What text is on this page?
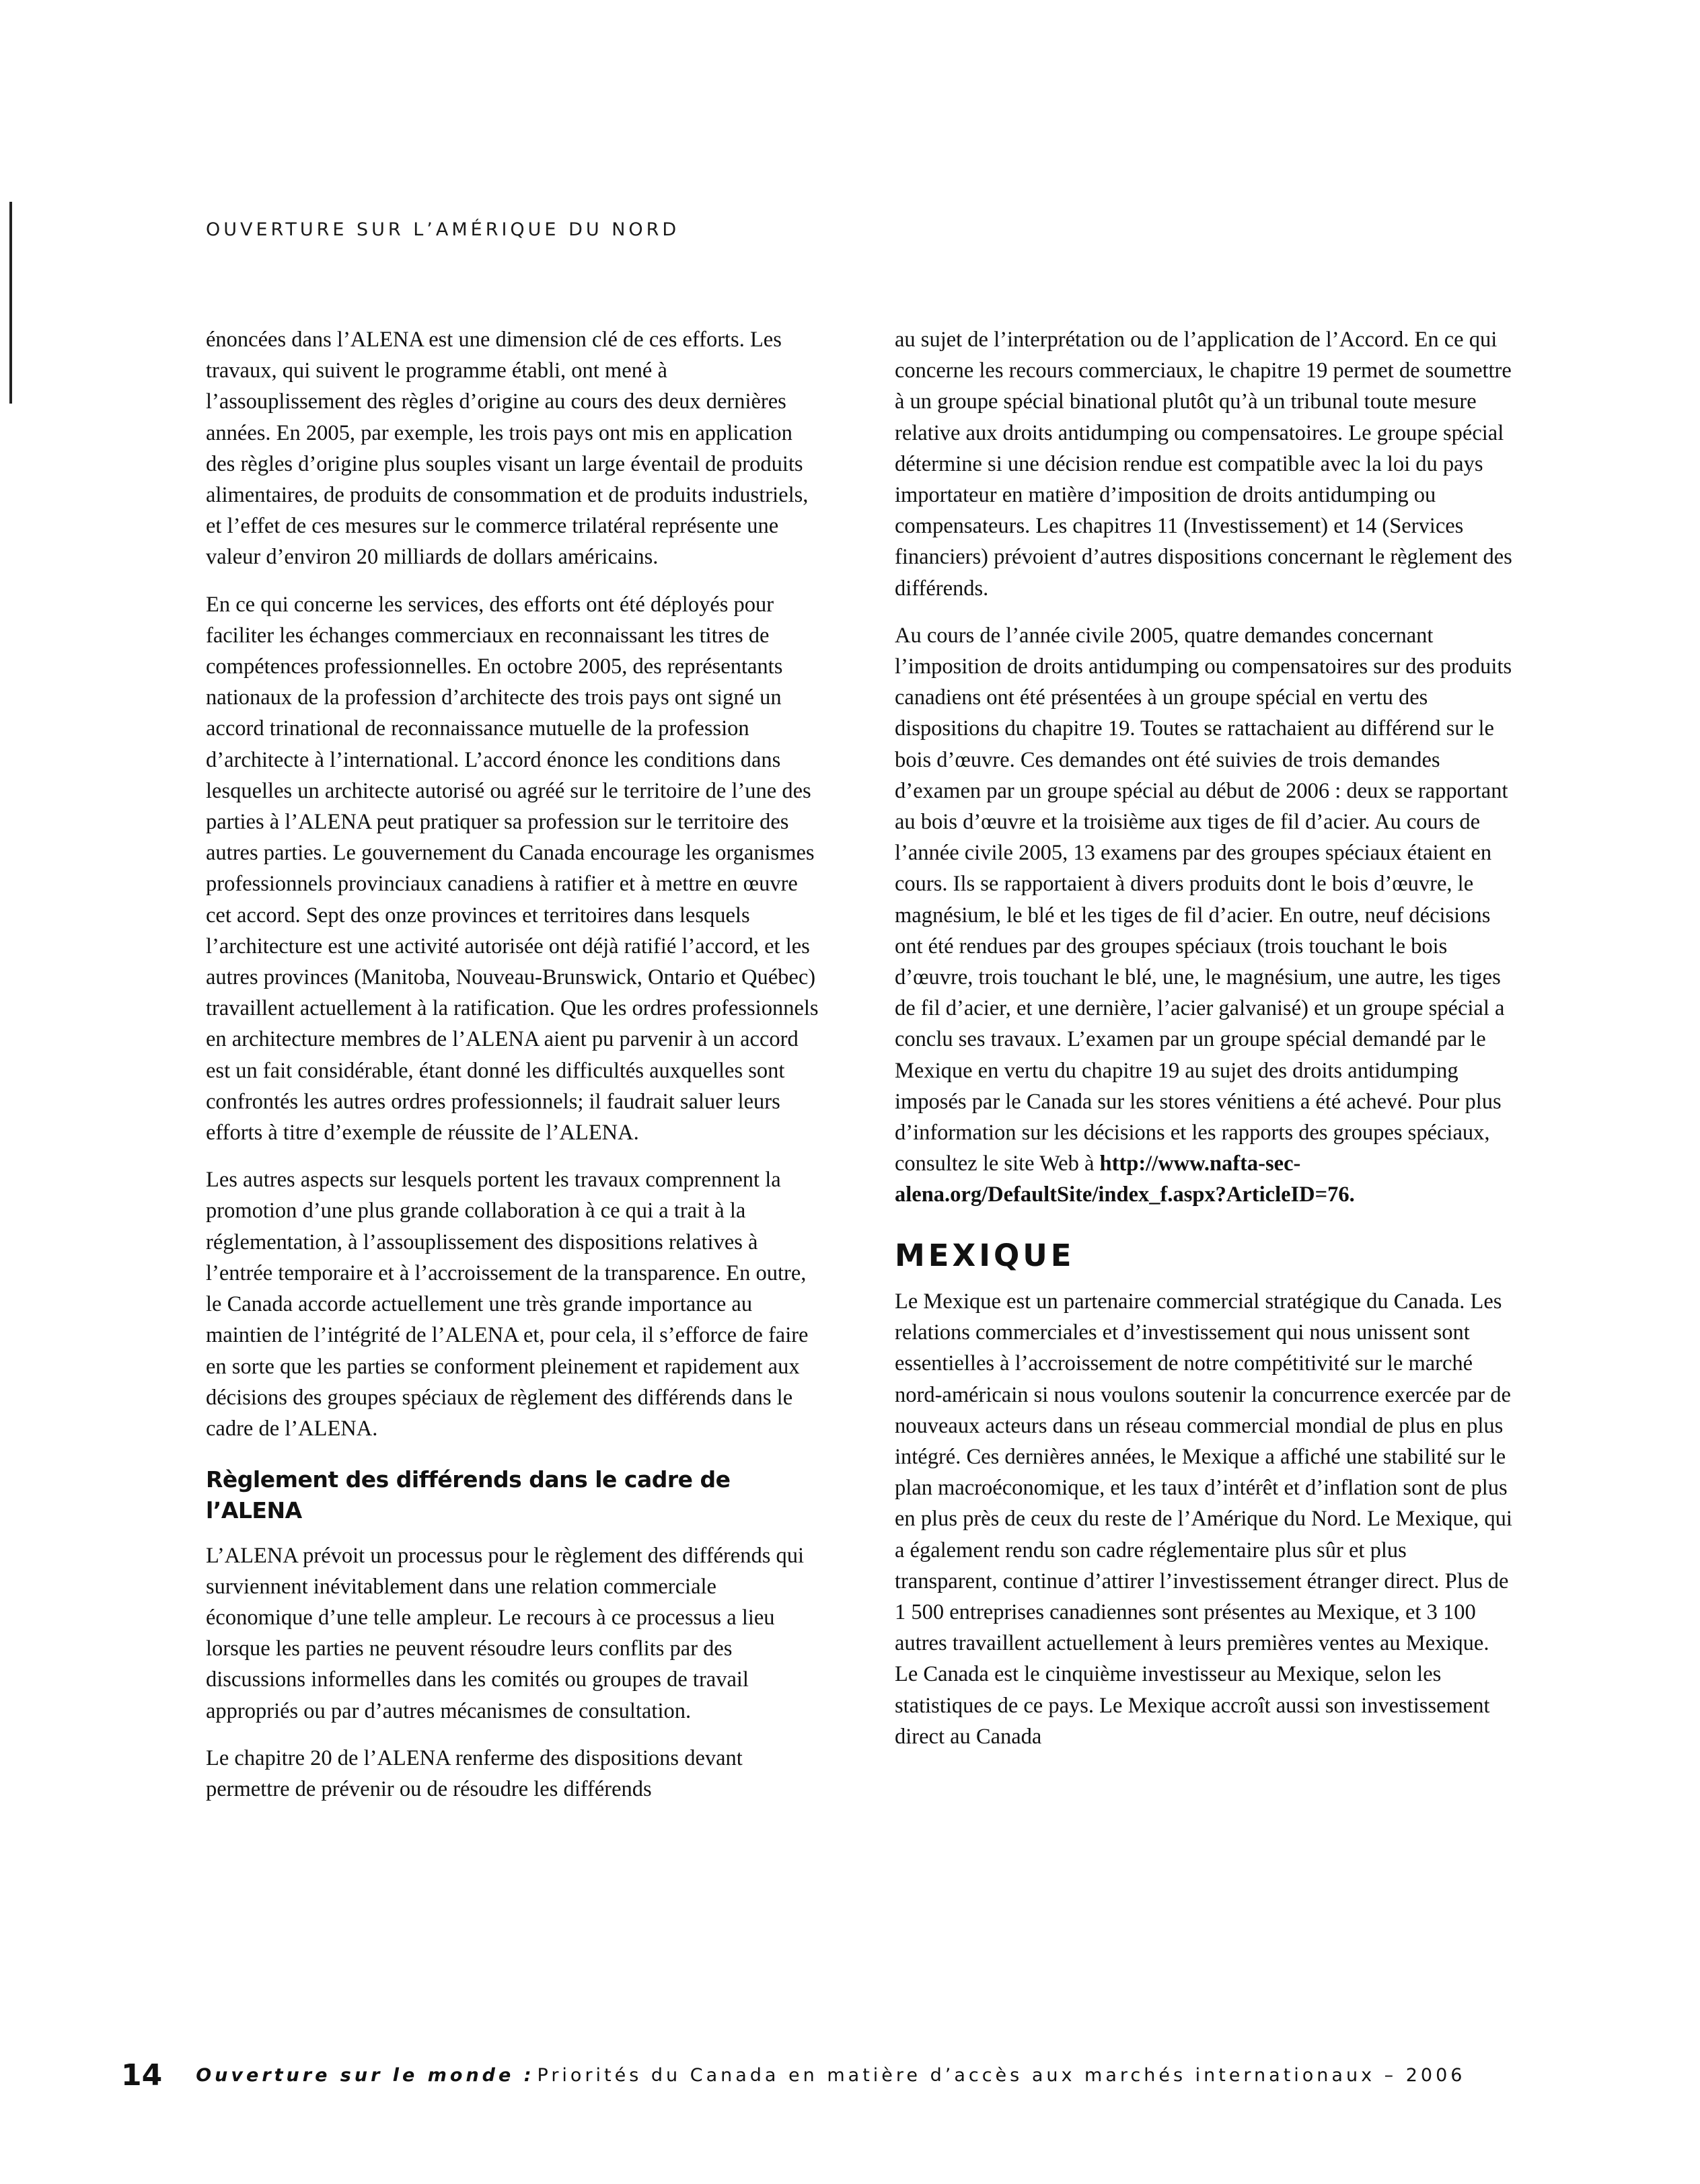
OUVERTURE SUR L’AMÉRIQUE DU NORD

énoncées dans l’ALENA est une dimension clé de ces efforts. Les travaux, qui suivent le programme établi, ont mené à l’assouplissement des règles d’origine au cours des deux dernières années. En 2005, par exemple, les trois pays ont mis en application des règles d’origine plus souples visant un large éventail de produits alimentaires, de produits de consommation et de produits industriels, et l’effet de ces mesures sur le commerce trilatéral représente une valeur d’environ 20 milliards de dollars américains.

En ce qui concerne les services, des efforts ont été déployés pour faciliter les échanges commerciaux en reconnaissant les titres de compétences professionnelles. En octobre 2005, des représentants nationaux de la profession d’architecte des trois pays ont signé un accord trinational de reconnaissance mutuelle de la profession d’architecte à l’international. L’accord énonce les conditions dans lesquelles un architecte autorisé ou agréé sur le territoire de l’une des parties à l’ALENA peut pratiquer sa profession sur le territoire des autres parties. Le gouvernement du Canada encourage les organismes professionnels provinciaux canadiens à ratifier et à mettre en œuvre cet accord. Sept des onze provinces et territoires dans lesquels l’architecture est une activité autorisée ont déjà ratifié l’accord, et les autres provinces (Manitoba, Nouveau-Brunswick, Ontario et Québec) travaillent actuellement à la ratification. Que les ordres professionnels en architecture membres de l’ALENA aient pu parvenir à un accord est un fait considérable, étant donné les difficultés auxquelles sont confrontés les autres ordres professionnels; il faudrait saluer leurs efforts à titre d’exemple de réussite de l’ALENA.

Les autres aspects sur lesquels portent les travaux comprennent la promotion d’une plus grande collaboration à ce qui a trait à la réglementation, à l’assouplissement des dispositions relatives à l’entrée temporaire et à l’accroissement de la transparence. En outre, le Canada accorde actuellement une très grande importance au maintien de l’intégrité de l’ALENA et, pour cela, il s’efforce de faire en sorte que les parties se conforment pleinement et rapidement aux décisions des groupes spéciaux de règlement des différends dans le cadre de l’ALENA.

Règlement des différends dans le cadre de l’ALENA

L’ALENA prévoit un processus pour le règlement des différends qui surviennent inévitablement dans une relation commerciale économique d’une telle ampleur. Le recours à ce processus a lieu lorsque les parties ne peuvent résoudre leurs conflits par des discussions informelles dans les comités ou groupes de travail appropriés ou par d’autres mécanismes de consultation.

Le chapitre 20 de l’ALENA renferme des dispositions devant permettre de prévenir ou de résoudre les différends

au sujet de l’interprétation ou de l’application de l’Accord. En ce qui concerne les recours commerciaux, le chapitre 19 permet de soumettre à un groupe spécial binational plutôt qu’à un tribunal toute mesure relative aux droits antidumping ou compensatoires. Le groupe spécial détermine si une décision rendue est compatible avec la loi du pays importateur en matière d’imposition de droits antidumping ou compensateurs. Les chapitres 11 (Investissement) et 14 (Services financiers) prévoient d’autres dispositions concernant le règlement des différends.

Au cours de l’année civile 2005, quatre demandes concernant l’imposition de droits antidumping ou compensatoires sur des produits canadiens ont été présentées à un groupe spécial en vertu des dispositions du chapitre 19. Toutes se rattachaient au différend sur le bois d’œuvre. Ces demandes ont été suivies de trois demandes d’examen par un groupe spécial au début de 2006 : deux se rapportant au bois d’œuvre et la troisième aux tiges de fil d’acier. Au cours de l’année civile 2005, 13 examens par des groupes spéciaux étaient en cours. Ils se rapportaient à divers produits dont le bois d’œuvre, le magnésium, le blé et les tiges de fil d’acier. En outre, neuf décisions ont été rendues par des groupes spéciaux (trois touchant le bois d’œuvre, trois touchant le blé, une, le magnésium, une autre, les tiges de fil d’acier, et une dernière, l’acier galvanisé) et un groupe spécial a conclu ses travaux. L’examen par un groupe spécial demandé par le Mexique en vertu du chapitre 19 au sujet des droits antidumping imposés par le Canada sur les stores vénitiens a été achevé. Pour plus d’information sur les décisions et les rapports des groupes spéciaux, consultez le site Web à http://www.nafta-sec-alena.org/DefaultSite/index_f.aspx?ArticleID=76.

MEXIQUE

Le Mexique est un partenaire commercial stratégique du Canada. Les relations commerciales et d’investissement qui nous unissent sont essentielles à l’accroissement de notre compétitivité sur le marché nord-américain si nous voulons soutenir la concurrence exercée par de nouveaux acteurs dans un réseau commercial mondial de plus en plus intégré. Ces dernières années, le Mexique a affiché une stabilité sur le plan macroéconomique, et les taux d’intérêt et d’inflation sont de plus en plus près de ceux du reste de l’Amérique du Nord. Le Mexique, qui a également rendu son cadre réglementaire plus sûr et plus transparent, continue d’attirer l’investissement étranger direct. Plus de 1 500 entreprises canadiennes sont présentes au Mexique, et 3 100 autres travaillent actuellement à leurs premières ventes au Mexique. Le Canada est le cinquième investisseur au Mexique, selon les statistiques de ce pays. Le Mexique accroît aussi son investissement direct au Canada

14 Ouverture sur le monde : Priorités du Canada en matière d’accès aux marchés internationaux – 2006
